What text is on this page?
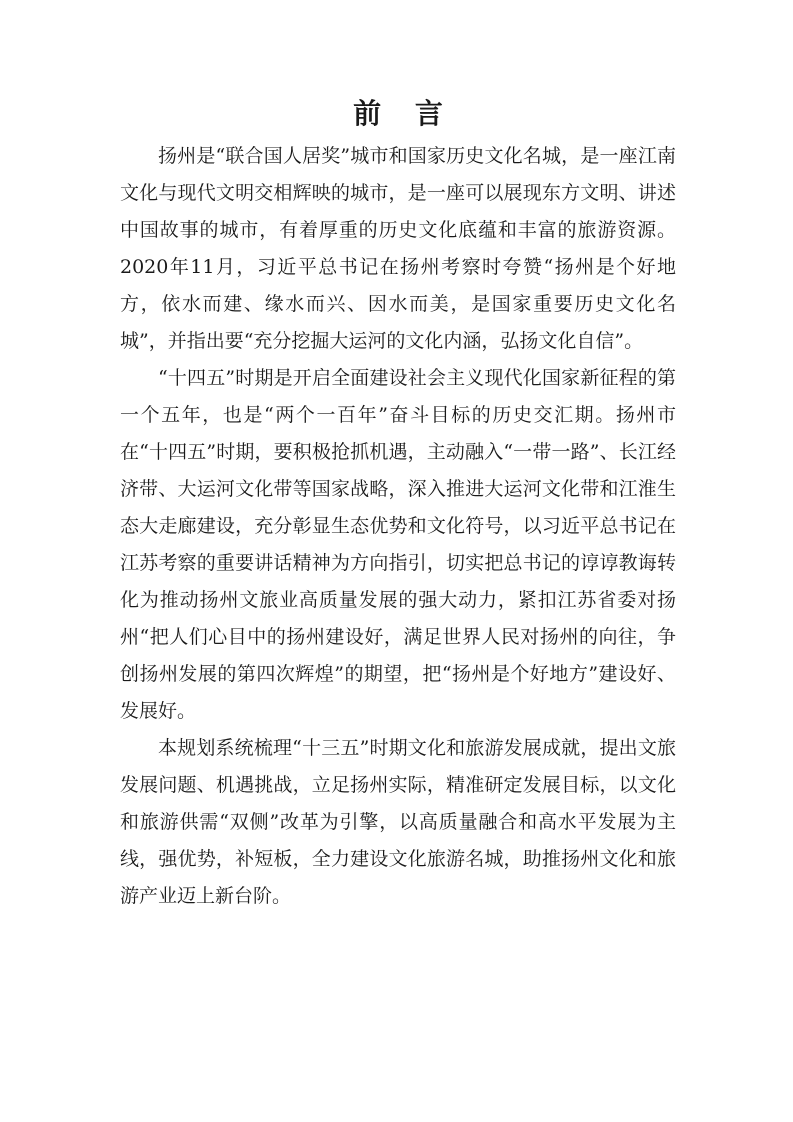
前 言

扬州是“联合国人居奖”城市和国家历史文化名城，是一座江南文化与现代文明交相辉映的城市，是一座可以展现东方文明、讲述中国故事的城市，有着厚重的历史文化底蕴和丰富的旅游资源。2020年11月，习近平总书记在扬州考察时夸赞“扬州是个好地方，依水而建、缘水而兴、因水而美，是国家重要历史文化名城”，并指出要“充分挖掘大运河的文化内涵，弘扬文化自信”。

“十四五”时期是开启全面建设社会主义现代化国家新征程的第一个五年，也是“两个一百年”奋斗目标的历史交汇期。扬州市在“十四五”时期，要积极抢抓机遇，主动融入“一带一路”、长江经济带、大运河文化带等国家战略，深入推进大运河文化带和江淮生态大走廊建设，充分彰显生态优势和文化符号，以习近平总书记在江苏考察的重要讲话精神为方向指引，切实把总书记的谆谆教诲转化为推动扬州文旅业高质量发展的强大动力，紧扣江苏省委对扬州“把人们心目中的扬州建设好，满足世界人民对扬州的向往，争创扬州发展的第四次辉煌”的期望，把“扬州是个好地方”建设好、发展好。

本规划系统梳理“十三五”时期文化和旅游发展成就，提出文旅发展问题、机遇挑战，立足扬州实际，精准研定发展目标，以文化和旅游供需“双侧”改革为引擎，以高质量融合和高水平发展为主线，强优势，补短板，全力建设文化旅游名城，助推扬州文化和旅游产业迈上新台阶。
